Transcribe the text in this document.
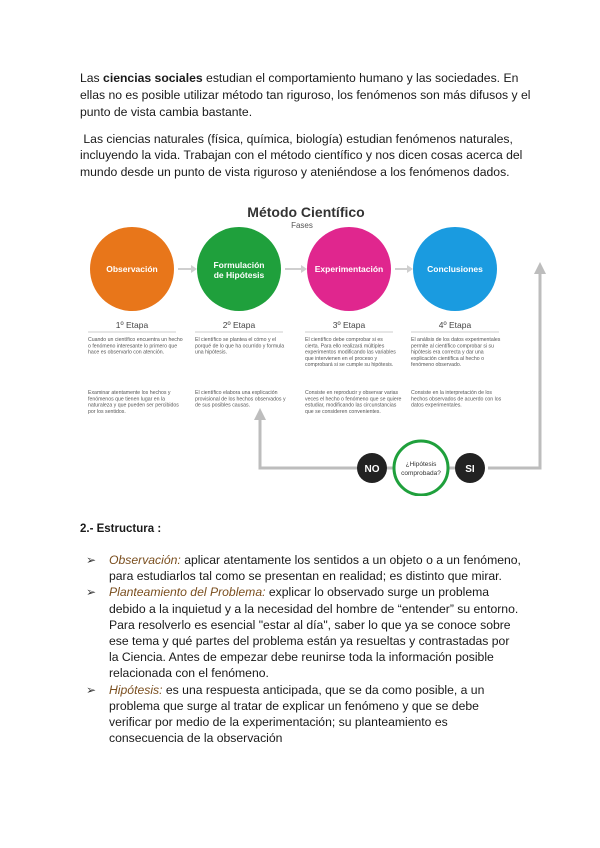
Las ciencias sociales estudian el comportamiento humano y las sociedades. En ellas no es posible utilizar método tan riguroso, los fenómenos son más difusos y el punto de vista cambia bastante.
Las ciencias naturales (física, química, biología) estudian fenómenos naturales,
incluyendo la vida. Trabajan con el método científico y nos dicen cosas acerca del mundo desde un punto de vista riguroso y ateniéndose a los fenómenos dados.
Método Científico
Fases
Observación
1º Etapa
Cuando un científico encuentra un hecho o fenómeno interesante lo primero que hace es observarlo con atención.
Examinar atentamente los hechos y fenómenos que tienen lugar en la naturaleza y que pueden ser percibidos por los sentidos.
Formulación
de Hipótesis
2º Etapa
El científico se plantea el cómo y el porqué de lo que ha ocurrido y formula una hipótesis.
El científico elabora una explicación provisional de los hechos observados y de sus posibles causas.
Experimentación
3º Etapa
El científico debe comprobar si es cierta. Para ello realizará múltiples experimentos modificando las variables que intervienen en el proceso y comprobará si se cumple su hipótesis.
Consiste en reproducir y observar varias veces el hecho o fenómeno que se quiere estudiar, modificando las circunstancias que se consideren convenientes.
Conclusiones
4º Etapa
El análisis de los datos experimentales permite al científico comprobar si su hipótesis era correcta y dar una explicación científica al hecho o fenómeno observado.
Consiste en la interpretación de los hechos observados de acuerdo con los datos experimentales.
NO	¿Hipótesis
comprobada? SI
2.- Estructura :
➢ Observación: aplicar atentamente los sentidos a un objeto o a un fenómeno, para estudiarlos tal como se presentan en realidad; es distinto que mirar.
➢ Planteamiento del Problema: explicar lo observado surge un problema debido a la inquietud y a la necesidad del hombre de “entender” su entorno. Para resolverlo es esencial "estar al día", saber lo que ya se conoce sobre ese tema y qué partes del problema están ya resueltas y contrastadas por la Ciencia. Antes de empezar debe reunirse toda la información posible relacionada con el fenómeno.
➢ Hipótesis: es una respuesta anticipada, que se da como posible, a un problema que surge al tratar de explicar un fenómeno y que se debe verificar por medio de la experimentación; su planteamiento es consecuencia de la observación
